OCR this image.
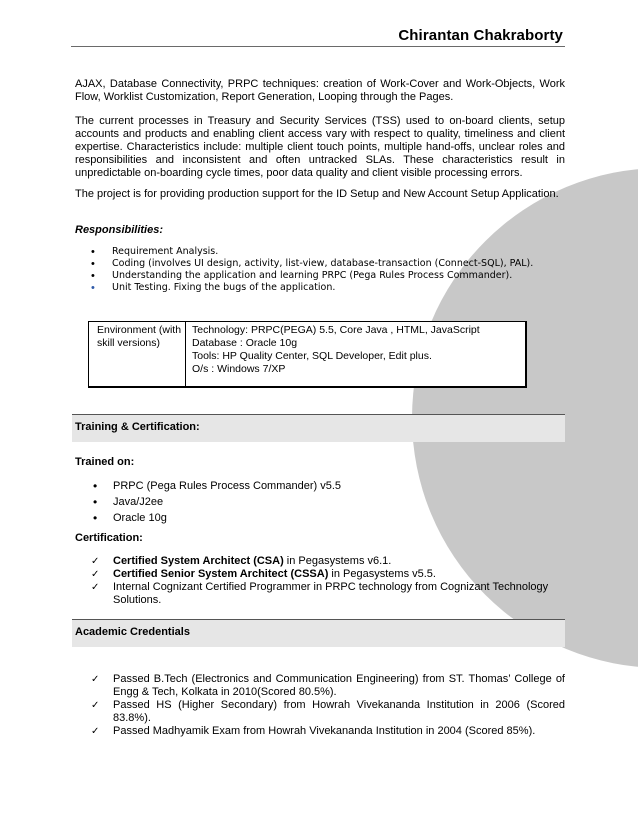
Chirantan Chakraborty

AJAX, Database Connectivity, PRPC techniques: creation of Work-Cover and Work-Objects, Work Flow, Worklist Customization, Report Generation, Looping through the Pages.

The current processes in Treasury and Security Services (TSS) used to on-board clients, setup accounts and products and enabling client access vary with respect to quality, timeliness and client expertise. Characteristics include: multiple client touch points, multiple hand-offs, unclear roles and responsibilities and inconsistent and often untracked SLAs. These characteristics result in unpredictable on-boarding cycle times, poor data quality and client visible processing errors.

The project is for providing production support for the ID Setup and New Account Setup Application.

Responsibilities:
• Requirement Analysis.
• Coding (involves UI design, activity, list-view, database-transaction (Connect-SQL), PAL).
• Understanding the application and learning PRPC (Pega Rules Process Commander).
• Unit Testing. Fixing the bugs of the application.
Environment (with skill versions)
Technology: PRPC(PEGA) 5.5, Core Java , HTML, JavaScript
Database : Oracle 10g
Tools: HP Quality Center, SQL Developer, Edit plus.
O/s : Windows 7/XP
Training & Certification:
Trained on:
• PRPC (Pega Rules Process Commander) v5.5
• Java/J2ee
• Oracle 10g
Certification:
✓ Certified System Architect (CSA) in Pegasystems v6.1.
✓ Certified Senior System Architect (CSSA) in Pegasystems v5.5.
✓ Internal Cognizant Certified Programmer in PRPC technology from Cognizant Technology Solutions.
Academic Credentials
✓ Passed B.Tech (Electronics and Communication Engineering) from ST. Thomas’ College of Engg & Tech, Kolkata in 2010(Scored 80.5%).
✓ Passed HS (Higher Secondary) from Howrah Vivekananda Institution in 2006 (Scored 83.8%).
✓ Passed Madhyamik Exam from Howrah Vivekananda Institution in 2004 (Scored 85%).
